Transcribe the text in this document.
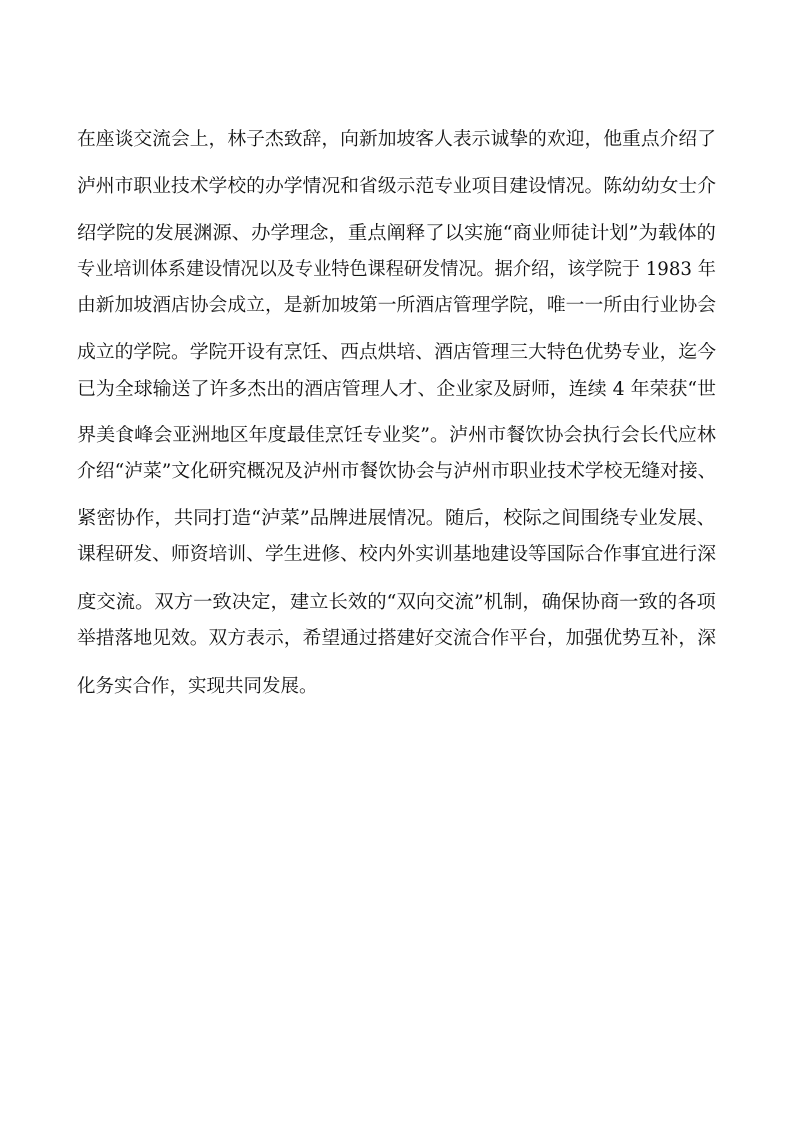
在座谈交流会上，林子杰致辞，向新加坡客人表示诚挚的欢迎，他重点介绍了

泸州市职业技术学校的办学情况和省级示范专业项目建设情况。陈幼幼女士介

绍学院的发展渊源、办学理念，重点阐释了以实施“商业师徒计划”为载体的

专业培训体系建设情况以及专业特色课程研发情况。据介绍，该学院于 1983 年

由新加坡酒店协会成立，是新加坡第一所酒店管理学院，唯一一所由行业协会

成立的学院。学院开设有烹饪、西点烘培、酒店管理三大特色优势专业，迄今

已为全球输送了许多杰出的酒店管理人才、企业家及厨师，连续 4 年荣获“世

界美食峰会亚洲地区年度最佳烹饪专业奖”。泸州市餐饮协会执行会长代应林

介绍“泸菜”文化研究概况及泸州市餐饮协会与泸州市职业技术学校无缝对接、

紧密协作，共同打造“泸菜”品牌进展情况。随后，校际之间围绕专业发展、

课程研发、师资培训、学生进修、校内外实训基地建设等国际合作事宜进行深

度交流。双方一致决定，建立长效的“双向交流”机制，确保协商一致的各项

举措落地见效。双方表示，希望通过搭建好交流合作平台，加强优势互补，深

化务实合作，实现共同发展。
